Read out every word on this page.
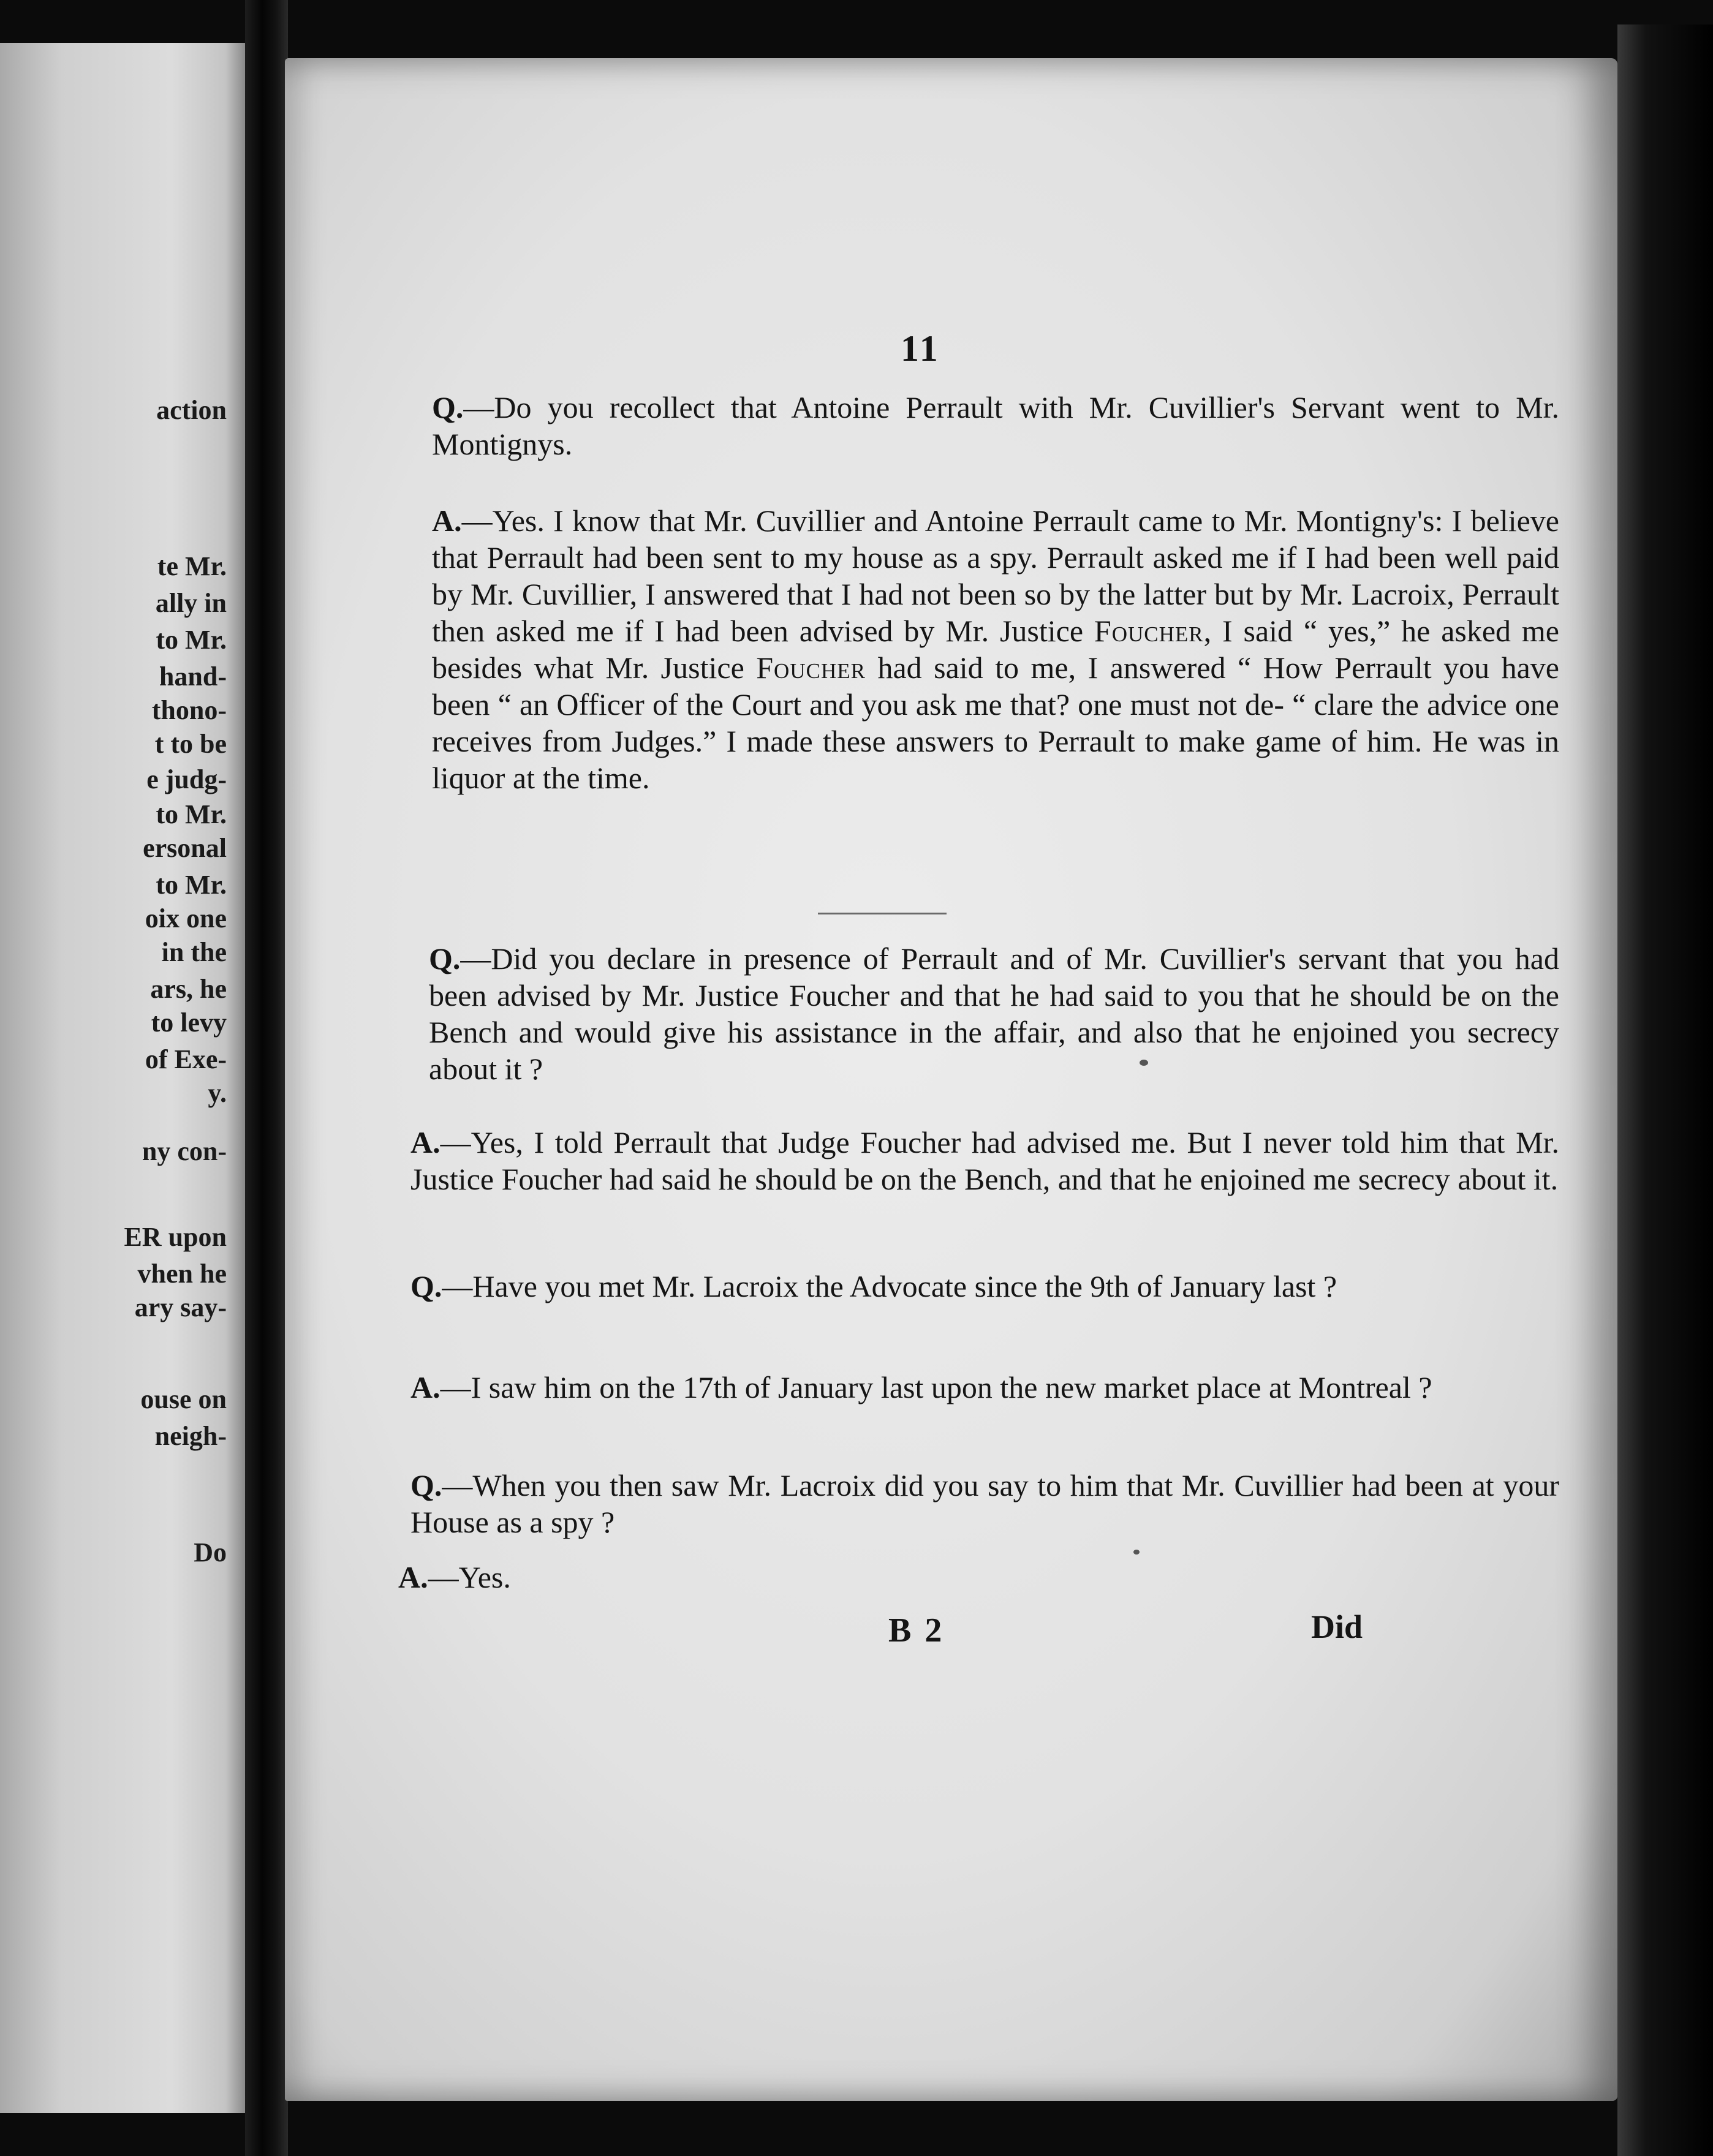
action

te Mr.

ally in

to Mr.

hand-

thono-

t to be

e judg-

to Mr.

ersonal

to Mr.

oix one

in the

ars, he

to levy

of Exe-

y.

ny con-

ER upon

vhen he

ary say-

ouse on

neigh-

Do

11

Q.—Do you recollect that Antoine Perrault with Mr. Cuvillier's Servant went to Mr. Montignys.

A.—Yes. I know that Mr. Cuvillier and Antoine Perrault came to Mr. Montigny's: I believe that Perrault had been sent to my house as a spy. Perrault asked me if I had been well paid by Mr. Cuvillier, I answered that I had not been so by the latter but by Mr. Lacroix, Perrault then asked me if I had been advised by Mr. Justice Foucher, I said “ yes,” he asked me besides what Mr. Justice Foucher had said to me, I answered “ How Perrault you have been “ an Officer of the Court and you ask me that? one must not de- “ clare the advice one receives from Judges.” I made these answers to Perrault to make game of him. He was in liquor at the time.

Q.—Did you declare in presence of Perrault and of Mr. Cuvillier's servant that you had been advised by Mr. Justice Foucher and that he had said to you that he should be on the Bench and would give his assistance in the affair, and also that he enjoined you secrecy about it ?

A.—Yes, I told Perrault that Judge Foucher had advised me. But I never told him that Mr. Justice Foucher had said he should be on the Bench, and that he enjoined me secrecy about it.

Q.—Have you met Mr. Lacroix the Advocate since the 9th of January last ?

A.—I saw him on the 17th of January last upon the new market place at Montreal ?

Q.—When you then saw Mr. Lacroix did you say to him that Mr. Cuvillier had been at your House as a spy ?

A.—Yes.

B 2	Did
